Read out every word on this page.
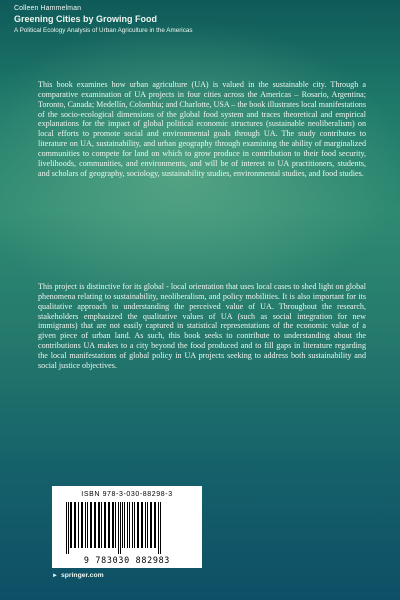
Colleen Hammelman
Greening Cities by Growing Food
A Political Ecology Analysis of Urban Agriculture in the Americas

This book examines how urban agriculture (UA) is valued in the sustainable city. Through a comparative examination of UA projects in four cities across the Americas – Rosario, Argentina; Toronto, Canada; Medellín, Colombia; and Charlotte, USA – the book illustrates local manifestations of the socio-ecological dimensions of the global food system and traces theoretical and empirical explanations for the impact of global political economic structures (sustainable neoliberalism) on local efforts to promote social and environmental goals through UA. The study contributes to literature on UA, sustainability, and urban geography through examining the ability of marginalized communities to compete for land on which to grow produce in contribution to their food security, livelihoods, communities, and environments, and will be of interest to UA practitioners, students, and scholars of geography, sociology, sustainability studies, environmental studies, and food studies.

This project is distinctive for its global - local orientation that uses local cases to shed light on global phenomena relating to sustainability, neoliberalism, and policy mobilities. It is also important for its qualitative approach to understanding the perceived value of UA. Throughout the research, stakeholders emphasized the qualitative values of UA (such as social integration for new immigrants) that are not easily captured in statistical representations of the economic value of a given piece of urban land. As such, this book seeks to contribute to understanding about the contributions UA makes to a city beyond the food produced and to fill gaps in literature regarding the local manifestations of global policy in UA projects seeking to address both sustainability and social justice objectives.

ISBN 978-3-030-88298-3
9 783030 882983
► springer.com
